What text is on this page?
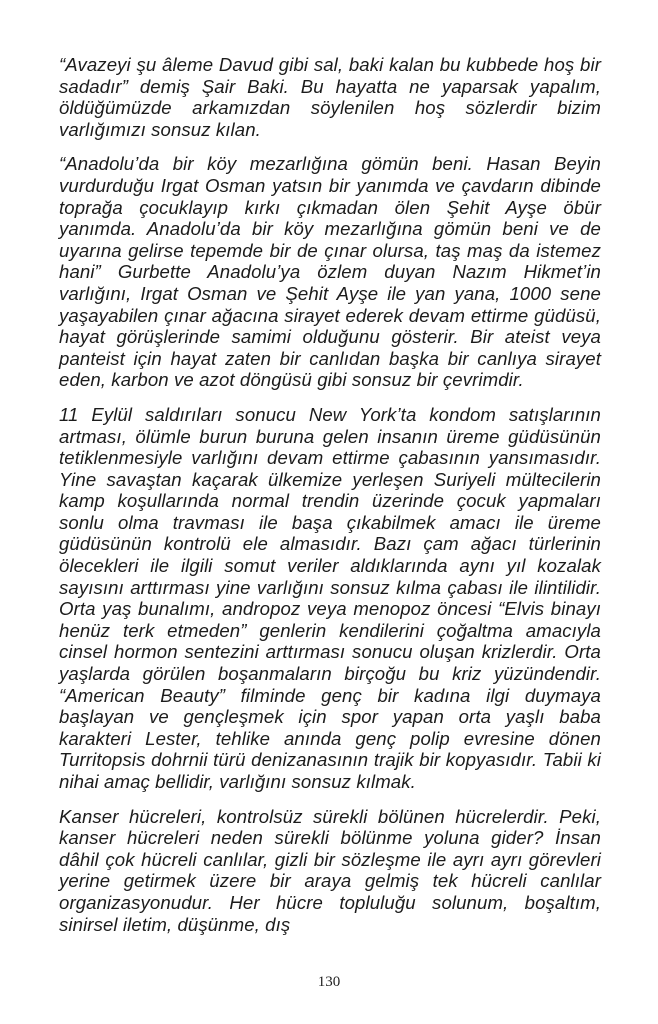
“Avazeyi şu âleme Davud gibi sal, baki kalan bu kubbede hoş bir sadadır” demiş Şair Baki. Bu hayatta ne yaparsak yapalım, öldüğümüzde arkamızdan söylenilen hoş sözlerdir bizim varlığımızı sonsuz kılan.

“Anadolu’da bir köy mezarlığına gömün beni. Hasan Beyin vurdurduğu Irgat Osman yatsın bir yanımda ve çavdarın dibinde toprağa çocuklayıp kırkı çıkmadan ölen Şehit Ayşe öbür yanımda. Anadolu’da bir köy mezarlığına gömün beni ve de uyarına gelirse tepemde bir de çınar olursa, taş maş da istemez hani” Gurbette Anadolu’ya özlem duyan Nazım Hikmet’in varlığını, Irgat Osman ve Şehit Ayşe ile yan yana, 1000 sene yaşayabilen çınar ağacına sirayet ederek devam ettirme güdüsü, hayat görüşlerinde samimi olduğunu gösterir. Bir ateist veya panteist için hayat zaten bir canlıdan başka bir canlıya sirayet eden, karbon ve azot döngüsü gibi sonsuz bir çevrimdir.

11 Eylül saldırıları sonucu New York’ta kondom satışlarının artması, ölümle burun buruna gelen insanın üreme güdüsünün tetiklenmesiyle varlığını devam ettirme çabasının yansımasıdır. Yine savaştan kaçarak ülkemize yerleşen Suriyeli mültecilerin kamp koşullarında normal trendin üzerinde çocuk yapmaları sonlu olma travması ile başa çıkabilmek amacı ile üreme güdüsünün kontrolü ele almasıdır. Bazı çam ağacı türlerinin ölecekleri ile ilgili somut veriler aldıklarında aynı yıl kozalak sayısını arttırması yine varlığını sonsuz kılma çabası ile ilintilidir. Orta yaş bunalımı, andropoz veya menopoz öncesi “Elvis binayı henüz terk etmeden” genlerin kendilerini çoğaltma amacıyla cinsel hormon sentezini arttırması sonucu oluşan krizlerdir. Orta yaşlarda görülen boşanmaların birçoğu bu kriz yüzündendir. “American Beauty” filminde genç bir kadına ilgi duymaya başlayan ve gençleşmek için spor yapan orta yaşlı baba karakteri Lester, tehlike anında genç polip evresine dönen Turritopsis dohrnii türü denizanasının trajik bir kopyasıdır. Tabii ki nihai amaç bellidir, varlığını sonsuz kılmak.

Kanser hücreleri, kontrolsüz sürekli bölünen hücrelerdir. Peki, kanser hücreleri neden sürekli bölünme yoluna gider? İnsan dâhil çok hücreli canlılar, gizli bir sözleşme ile ayrı ayrı görevleri yerine getirmek üzere bir araya gelmiş tek hücreli canlılar organizasyonudur. Her hücre topluluğu solunum, boşaltım, sinirsel iletim, düşünme, dış

130
